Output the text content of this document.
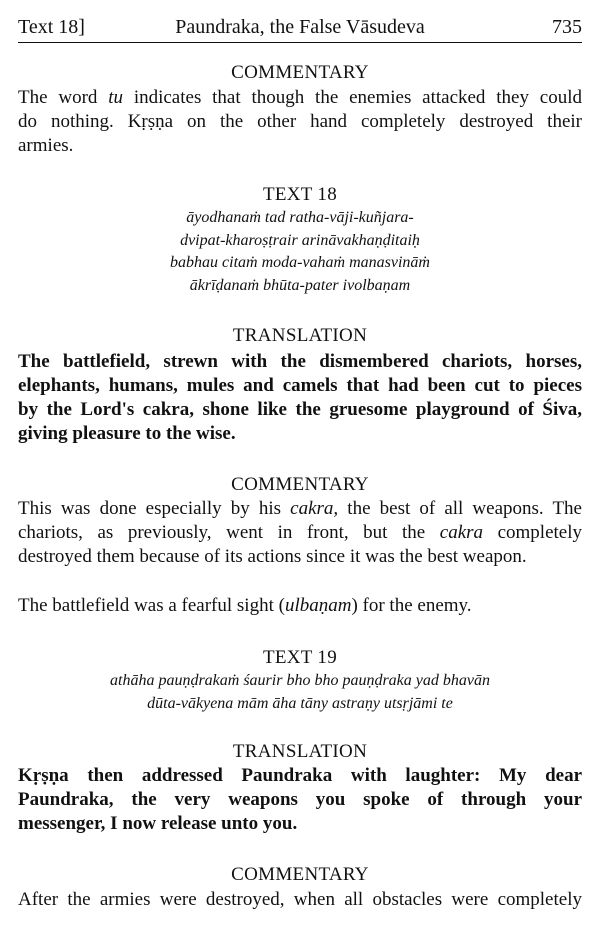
Text 18]	Paundraka, the False Vāsudeva	735
COMMENTARY
The word tu indicates that though the enemies attacked they could
do nothing. Kṛṣṇa on the other hand completely destroyed their
armies.
TEXT 18
āyodhanaṁ tad ratha-vāji-kuñjara-
dvipat-kharoṣṭrair arināvakhaṇḍitaiḥ
babhau citaṁ moda-vahaṁ manasvināṁ
ākrīḍanaṁ bhūta-pater ivolbaṇam
TRANSLATION
The battlefield, strewn with the dismembered chariots, horses,
elephants, humans, mules and camels that had been cut to pieces
by the Lord's cakra, shone like the gruesome playground of Śiva,
giving pleasure to the wise.
COMMENTARY
This was done especially by his cakra, the best of all weapons. The
chariots, as previously, went in front, but the cakra completely
destroyed them because of its actions since it was the best weapon.
The battlefield was a fearful sight (ulbaṇam) for the enemy.
TEXT 19
athāha pauṇḍrakaṁ śaurir bho bho pauṇḍraka yad bhavān
dūta-vākyena mām āha tāny astraṇy utsṛjāmi te
TRANSLATION
Kṛṣṇa then addressed Paundraka with laughter: My dear
Paundraka, the very weapons you spoke of through your
messenger, I now release unto you.
COMMENTARY
After the armies were destroyed, when all obstacles were completely
